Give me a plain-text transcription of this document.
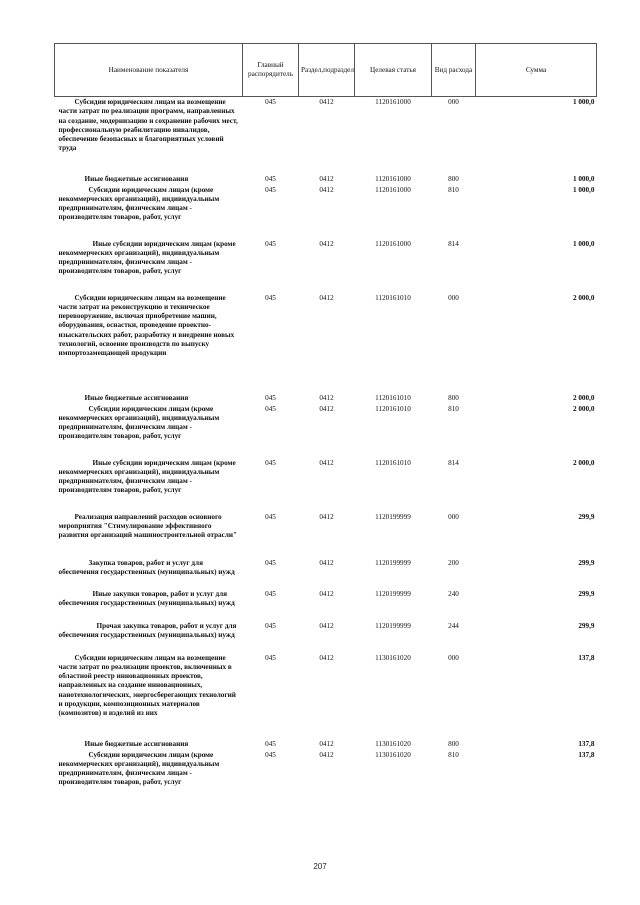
Наименование показателя	Главный распорядитель	Раздел,подраздел	Целевая статья	Вид расхода	Сумма
Субсидии юридическим лицам на возмещение части затрат по реализации программ, направленных на создание, модернизацию и сохранение рабочих мест, профессиональную реабилитацию инвалидов, обеспечение безопасных и благоприятных условий труда	045	0412	1120161000	000	1 000,0
Иные бюджетные ассигнования	045	0412	1120161000	800	1 000,0
Субсидии юридическим лицам (кроме некоммерческих организаций), индивидуальным предпринимателям, физическим лицам - производителям товаров, работ, услуг	045	0412	1120161000	810	1 000,0
Иные субсидии юридическим лицам (кроме некоммерческих организаций), индивидуальным предпринимателям, физическим лицам - производителям товаров, работ, услуг	045	0412	1120161000	814	1 000,0
Субсидии юридическим лицам на возмещение части затрат на реконструкцию и техническое перевооружение, включая приобретение машин, оборудования, оснастки, проведение проектно-изыскательских работ, разработку и внедрение новых технологий, освоение производств по выпуску импортозамещающей продукции	045	0412	1120161010	000	2 000,0
Иные бюджетные ассигнования	045	0412	1120161010	800	2 000,0
Субсидии юридическим лицам (кроме некоммерческих организаций), индивидуальным предпринимателям, физическим лицам - производителям товаров, работ, услуг	045	0412	1120161010	810	2 000,0
Иные субсидии юридическим лицам (кроме некоммерческих организаций), индивидуальным предпринимателям, физическим лицам - производителям товаров, работ, услуг	045	0412	1120161010	814	2 000,0
Реализация направлений расходов основного мероприятия "Стимулирование эффективного развития организаций машиностроительной отрасли"	045	0412	1120199999	000	299,9
Закупка товаров, работ и услуг для обеспечения государственных (муниципальных) нужд	045	0412	1120199999	200	299,9
Иные закупки товаров, работ и услуг для обеспечения государственных (муниципальных) нужд	045	0412	1120199999	240	299,9
Прочая закупка товаров, работ и услуг для обеспечения государственных (муниципальных) нужд	045	0412	1120199999	244	299,9
Субсидии юридическим лицам на возмещение части затрат по реализации проектов, включенных в областной реестр инновационных проектов, направленных на создание инновационных, нанотехнологических, энергосберегающих технологий и продукции, композиционных материалов (композитов) и изделий из них	045	0412	1130161020	000	137,8
Иные бюджетные ассигнования	045	0412	1130161020	800	137,8
Субсидии юридическим лицам (кроме некоммерческих организаций), индивидуальным предпринимателям, физическим лицам - производителям товаров, работ, услуг	045	0412	1130161020	810	137,8
207
